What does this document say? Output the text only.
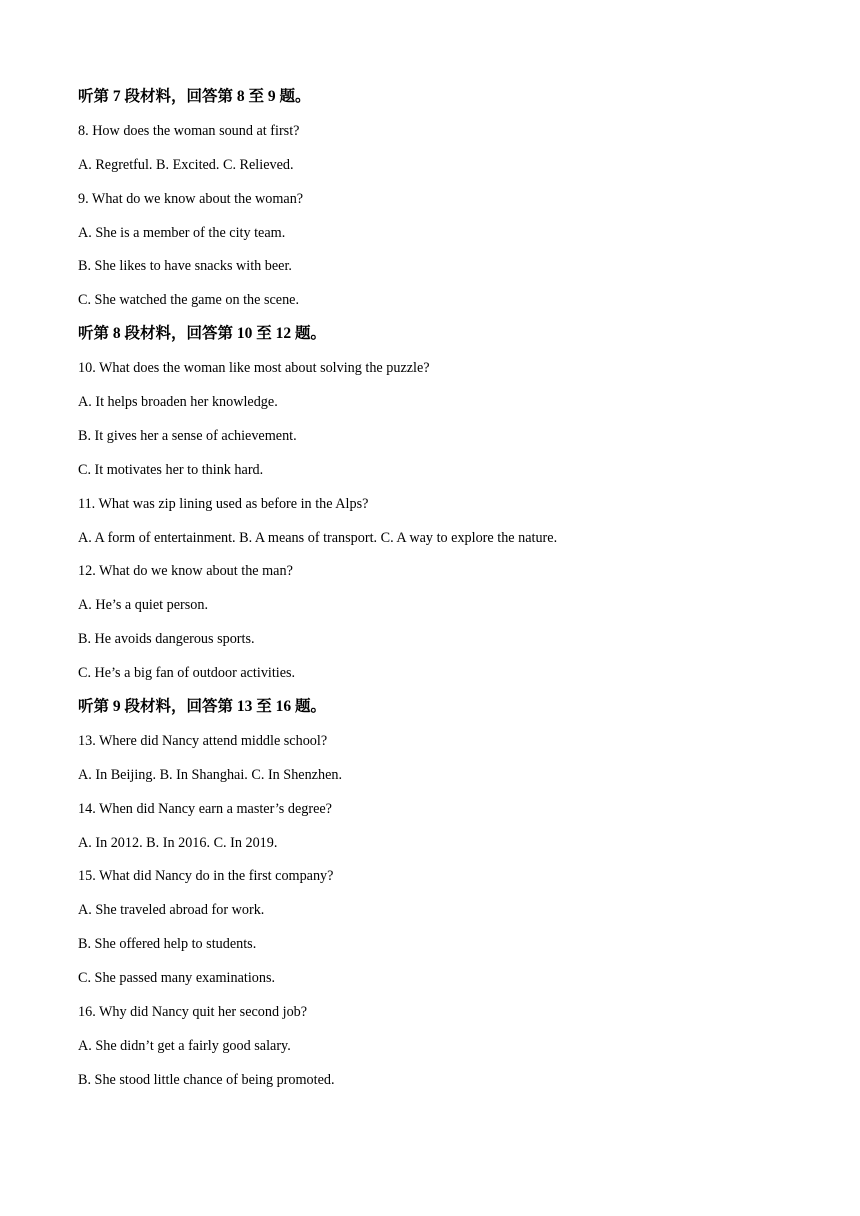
听第 7 段材料，回答第 8 至 9 题。
8. How does the woman sound at first?
A. Regretful. B. Excited. C. Relieved.
9. What do we know about the woman?
A. She is a member of the city team.
B. She likes to have snacks with beer.
C. She watched the game on the scene.
听第 8 段材料，回答第 10 至 12 题。
10. What does the woman like most about solving the puzzle?
A. It helps broaden her knowledge.
B. It gives her a sense of achievement.
C. It motivates her to think hard.
11. What was zip lining used as before in the Alps?
A. A form of entertainment. B. A means of transport. C. A way to explore the nature.
12. What do we know about the man?
A. He’s a quiet person.
B. He avoids dangerous sports.
C. He’s a big fan of outdoor activities.
听第 9 段材料，回答第 13 至 16 题。
13. Where did Nancy attend middle school?
A. In Beijing. B. In Shanghai. C. In Shenzhen.
14. When did Nancy earn a master’s degree?
A. In 2012. B. In 2016. C. In 2019.
15. What did Nancy do in the first company?
A. She traveled abroad for work.
B. She offered help to students.
C. She passed many examinations.
16. Why did Nancy quit her second job?
A. She didn’t get a fairly good salary.
B. She stood little chance of being promoted.
